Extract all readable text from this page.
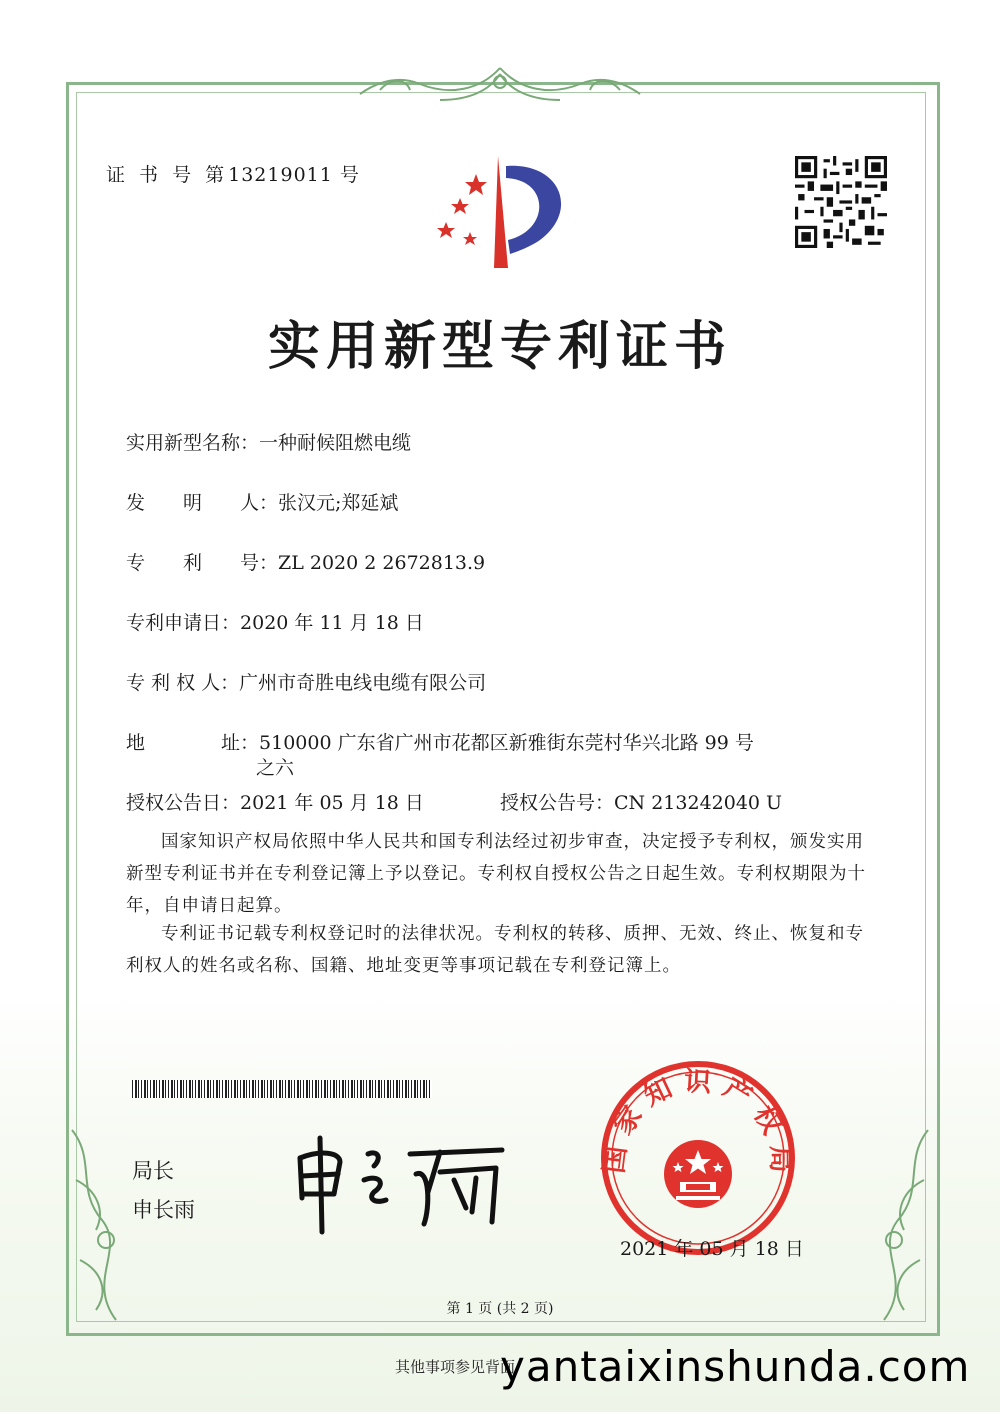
证 书 号 第13219011 号
实用新型专利证书
实用新型名称：一种耐候阻燃电缆
发　　明　　人：张汉元;郑延斌
专　　利　　号：ZL 2020 2 2672813.9
专利申请日：2020 年 11 月 18 日
专 利 权 人：广州市奇胜电线电缆有限公司
地　　　　址：510000 广东省广州市花都区新雅街东莞村华兴北路 99 号
之六
授权公告日：2021 年 05 月 18 日	授权公告号：CN 213242040 U
国家知识产权局依照中华人民共和国专利法经过初步审查，决定授予专利权，颁发实用新型专利证书并在专利登记簿上予以登记。专利权自授权公告之日起生效。专利权期限为十年，自申请日起算。
专利证书记载专利权登记时的法律状况。专利权的转移、质押、无效、终止、恢复和专利权人的姓名或名称、国籍、地址变更等事项记载在专利登记簿上。
局长
申长雨
国家知识产权局
2021 年 05 月 18 日
第 1 页 (共 2 页)
其他事项参见背面
yantaixinshunda.com
